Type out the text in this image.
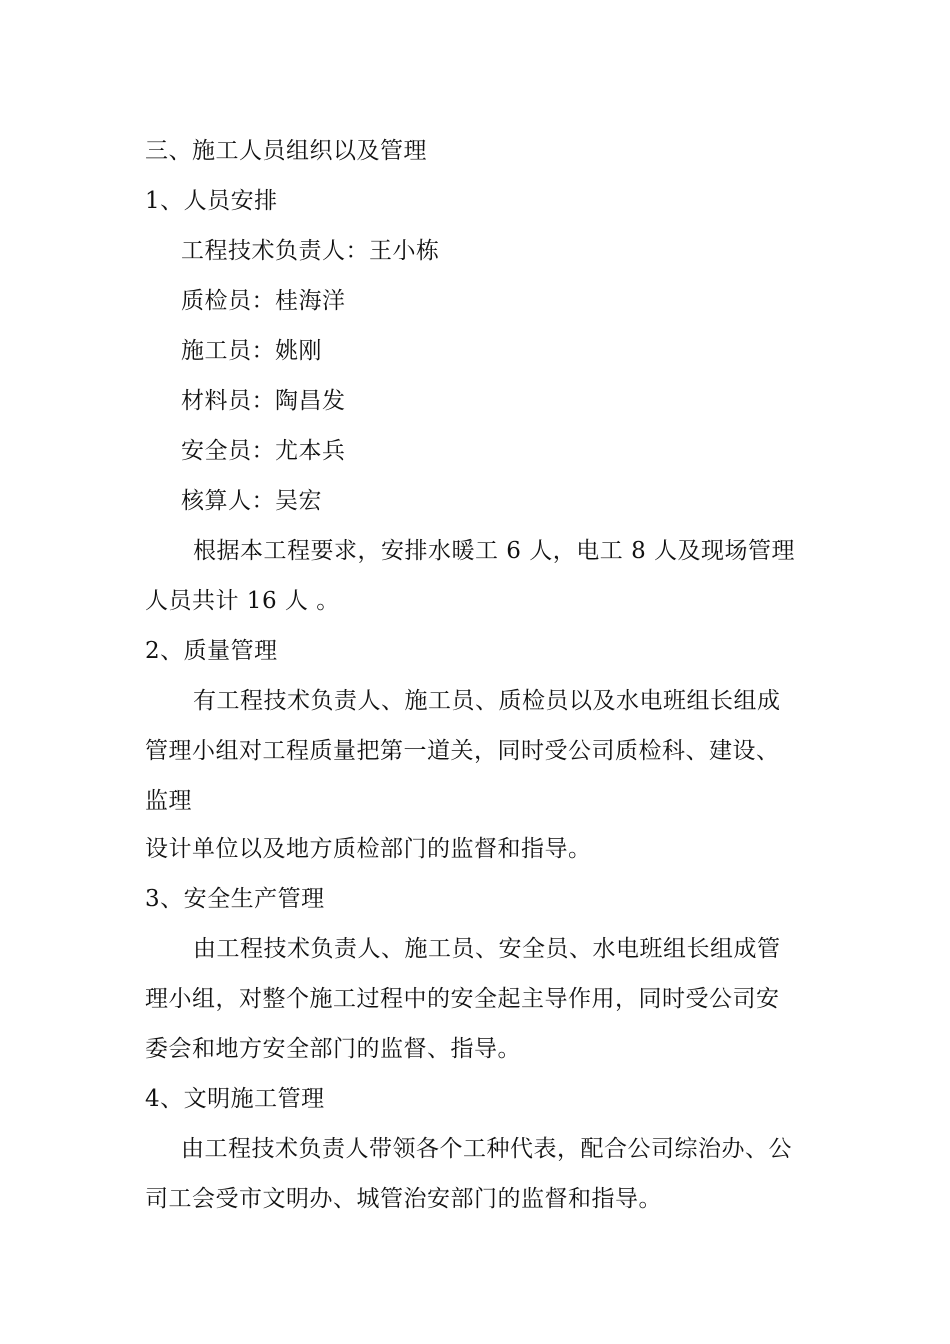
三、施工人员组织以及管理
1、人员安排
工程技术负责人：王小栋
质检员：桂海洋
施工员：姚刚
材料员：陶昌发
安全员：尤本兵
核算人：吴宏
根据本工程要求，安排水暖工 6 人，电工 8 人及现场管理
人员共计 16 人 。
2、质量管理
有工程技术负责人、施工员、质检员以及水电班组长组成
管理小组对工程质量把第一道关，同时受公司质检科、建设、
监理
设计单位以及地方质检部门的监督和指导。
3、安全生产管理
由工程技术负责人、施工员、安全员、水电班组长组成管
理小组，对整个施工过程中的安全起主导作用，同时受公司安
委会和地方安全部门的监督、指导。
4、文明施工管理
由工程技术负责人带领各个工种代表，配合公司综治办、公
司工会受市文明办、城管治安部门的监督和指导。
